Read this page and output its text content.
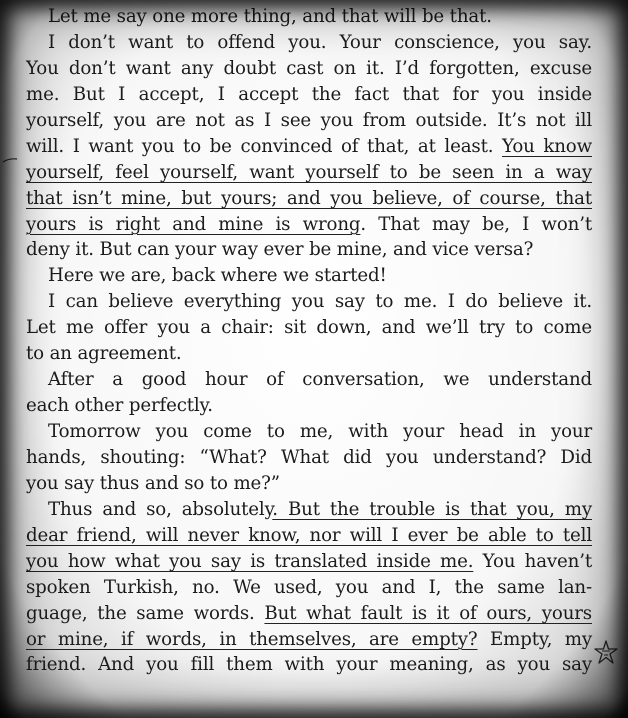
Let me say one more thing, and that will be that.
I don’t want to offend you. Your conscience, you say.
You don’t want any doubt cast on it. I’d forgotten, excuse
me. But I accept, I accept the fact that for you inside
yourself, you are not as I see you from outside. It’s not ill
will. I want you to be convinced of that, at least. You know
yourself, feel yourself, want yourself to be seen in a way
that isn’t mine, but yours; and you believe, of course, that
yours is right and mine is wrong. That may be, I won’t
deny it. But can your way ever be mine, and vice versa?
Here we are, back where we started!
I can believe everything you say to me. I do believe it.
Let me offer you a chair: sit down, and we’ll try to come
to an agreement.
After a good hour of conversation, we understand
each other perfectly.
Tomorrow you come to me, with your head in your
hands, shouting: “What? What did you understand? Did
you say thus and so to me?”
Thus and so, absolutely. But the trouble is that you, my
dear friend, will never know, nor will I ever be able to tell
you how what you say is translated inside me. You haven’t
spoken Turkish, no. We used, you and I, the same lan-
guage, the same words. But what fault is it of ours, yours
or mine, if words, in themselves, are empty? Empty, my
friend. And you fill them with your meaning, as you say
